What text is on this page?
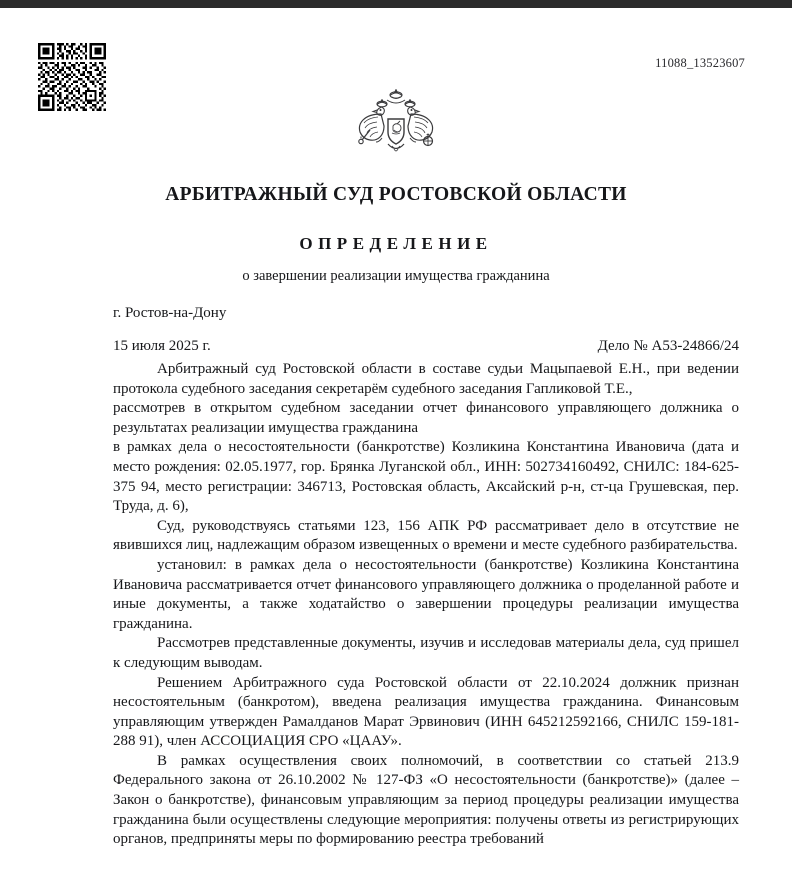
11088_13523607
АРБИТРАЖНЫЙ СУД РОСТОВСКОЙ ОБЛАСТИ
ОПРЕДЕЛЕНИЕ
о завершении реализации имущества гражданина
г. Ростов-на-Дону
15 июля 2025 г.	Дело № А53-24866/24

Арбитражный суд Ростовской области в составе судьи Мацыпаевой Е.Н., при ведении протокола судебного заседания секретарём судебного заседания Гапликовой Т.Е.,

рассмотрев в открытом судебном заседании отчет финансового управляющего должника о результатах реализации имущества гражданина

в рамках дела о несостоятельности (банкротстве) Козликина Константина Ивановича (дата и место рождения: 02.05.1977, гор. Брянка Луганской обл., ИНН: 502734160492, СНИЛС: 184-625-375 94, место регистрации: 346713, Ростовская область, Аксайский р-н, ст-ца Грушевская, пер. Труда, д. 6),

Суд, руководствуясь статьями 123, 156 АПК РФ рассматривает дело в отсутствие не явившихся лиц, надлежащим образом извещенных о времени и месте судебного разбирательства.

установил: в рамках дела о несостоятельности (банкротстве) Козликина Константина Ивановича рассматривается отчет финансового управляющего должника о проделанной работе и иные документы, а также ходатайство о завершении процедуры реализации имущества гражданина.

Рассмотрев представленные документы, изучив и исследовав материалы дела, суд пришел к следующим выводам.

Решением Арбитражного суда Ростовской области от 22.10.2024 должник признан несостоятельным (банкротом), введена реализация имущества гражданина. Финансовым управляющим утвержден Рамалданов Марат Эрвинович (ИНН 645212592166, СНИЛС 159-181-288 91), член АССОЦИАЦИЯ СРО «ЦААУ».

В рамках осуществления своих полномочий, в соответствии со статьей 213.9 Федерального закона от 26.10.2002 № 127-ФЗ «О несостоятельности (банкротстве)» (далее – Закон о банкротстве), финансовым управляющим за период процедуры реализации имущества гражданина были осуществлены следующие мероприятия: получены ответы из регистрирующих органов, предприняты меры по формированию реестра требований
